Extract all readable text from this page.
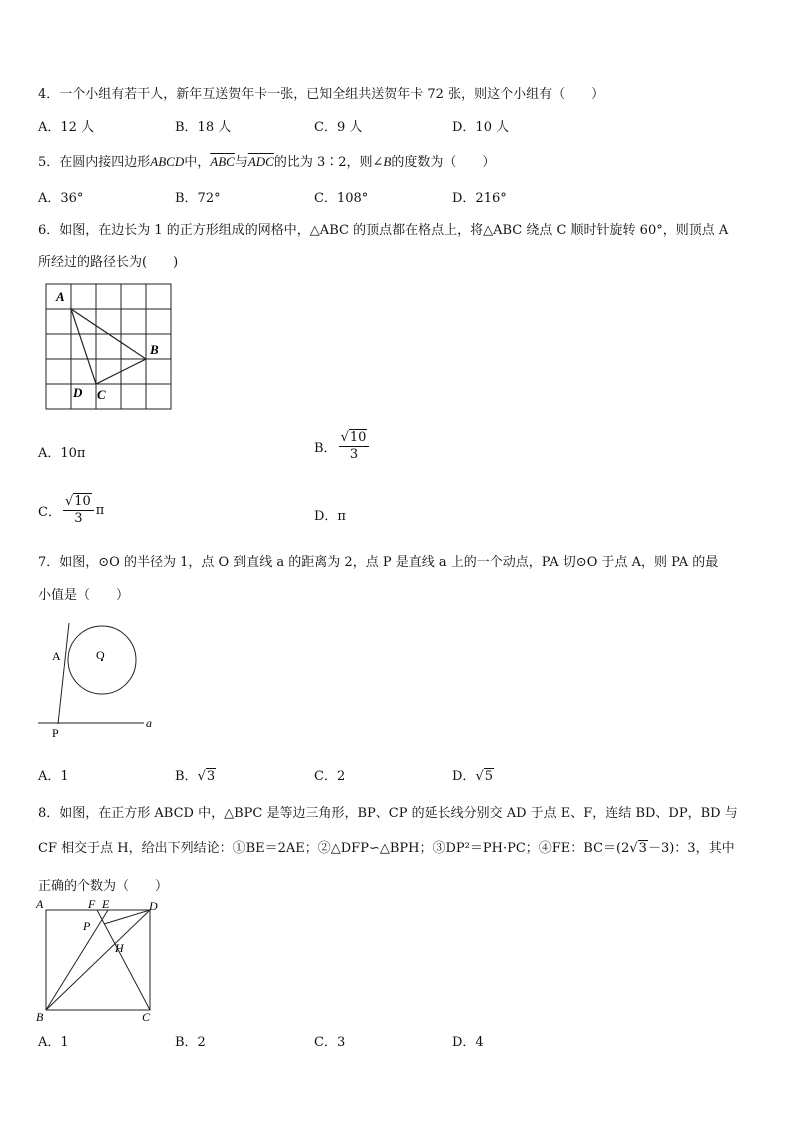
4．一个小组有若干人，新年互送贺年卡一张，已知全组共送贺年卡 72 张，则这个小组有（　　）
A．12 人	B．18 人	C．9 人	D．10 人
5．在圆内接四边形ABCD中，$\overline{ABC}$与$\overline{ADC}$的比为 3∶2，则∠B的度数为（　　）
A．36°	B．72°	C．108°	D．216°
6．如图，在边长为 1 的正方形组成的网格中，△ABC 的顶点都在格点上，将△ABC 绕点 C 顺时针旋转 60°，则顶点 A
所经过的路径长为(　　)
A
B
C
D
A．10π	B． $\frac{√10}{3}$
C． $\frac{√10}{3}$ π	D．π
7．如图，⊙O 的半径为 1，点 O 到直线 a 的距离为 2，点 P 是直线 a 上的一个动点，PA 切⊙O 于点 A，则 PA 的最
小值是（　　）
O
A
P
a
A．1	B．√3	C．2	D．√5
8．如图，在正方形 ABCD 中，△BPC 是等边三角形，BP、CP 的延长线分别交 AD 于点 E、F，连结 BD、DP，BD 与
CF 相交于点 H，给出下列结论：①BE＝2AE；②△DFP∽△BPH；③DP²＝PH·PC；④FE：BC＝(2√3－3)：3，其中
正确的个数为（　　）
A	F E	D
P
H
B	C
A．1	B．2	C．3	D．4
